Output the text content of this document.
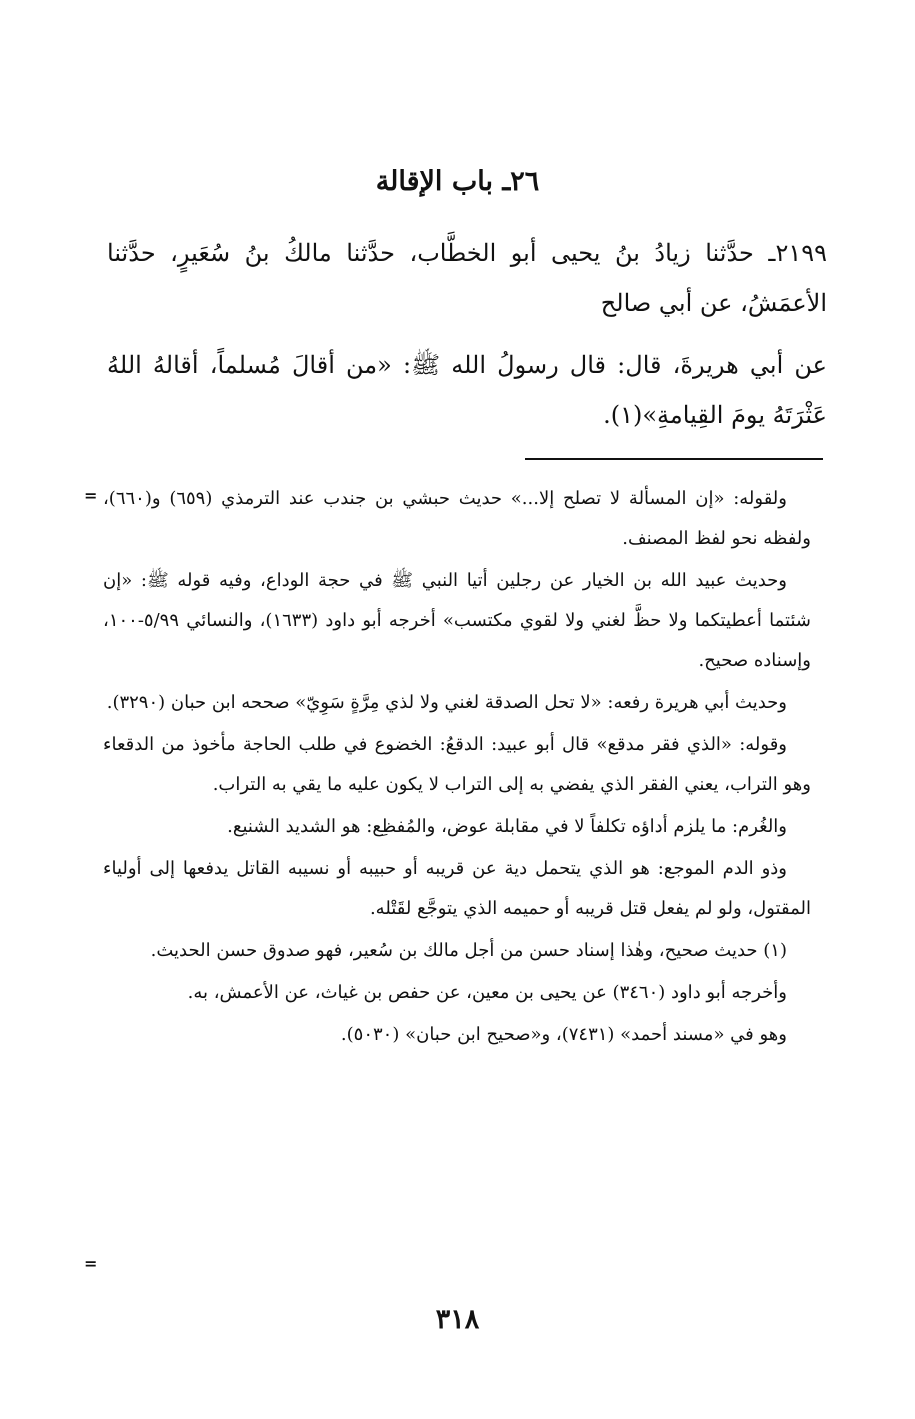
٢٦ـ باب الإقالة
٢١٩٩ـ حدَّثنا زيادُ بنُ يحيى أبو الخطَّاب، حدَّثنا مالكُ بنُ سُعَيرٍ، حدَّثنا الأعمَشُ، عن أبي صالح
عن أبي هريرةَ، قال: قال رسولُ الله ﷺ: «من أقالَ مُسلماً، أقالهُ اللهُ عَثْرَتَهُ يومَ القِيامةِ»(١).
= ولقوله: «إن المسألة لا تصلح إلا...» حديث حبشي بن جندب عند الترمذي (٦٥٩) و(٦٦٠)، ولفظه نحو لفظ المصنف.

وحديث عبيد الله بن الخيار عن رجلين أتيا النبي ﷺ في حجة الوداع، وفيه قوله ﷺ: «إن شئتما أعطيتكما ولا حظَّ لغني ولا لقوي مكتسب» أخرجه أبو داود (١٦٣٣)، والنسائي ٥/٩٩-١٠٠، وإسناده صحيح.

وحديث أبي هريرة رفعه: «لا تحل الصدقة لغني ولا لذي مِرَّةٍ سَوِيّ» صححه ابن حبان (٣٢٩٠).

وقوله: «الذي فقر مدقع» قال أبو عبيد: الدقعُ: الخضوع في طلب الحاجة مأخوذ من الدقعاء وهو التراب، يعني الفقر الذي يفضي به إلى التراب لا يكون عليه ما يقي به التراب.

والغُرم: ما يلزم أداؤه تكلفاً لا في مقابلة عوض، والمُفظِع: هو الشديد الشنيع.

وذو الدم الموجع: هو الذي يتحمل دية عن قريبه أو حبيبه أو نسيبه القاتل يدفعها إلى أولياء المقتول، ولو لم يفعل قتل قريبه أو حميمه الذي يتوجَّع لقَتْله.

(١) حديث صحيح، وهٰذا إسناد حسن من أجل مالك بن سُعير، فهو صدوق حسن الحديث.

وأخرجه أبو داود (٣٤٦٠) عن يحيى بن معين، عن حفص بن غياث، عن الأعمش، به.

وهو في «مسند أحمد» (٧٤٣١)، و«صحيح ابن حبان» (٥٠٣٠).

=
٣١٨
